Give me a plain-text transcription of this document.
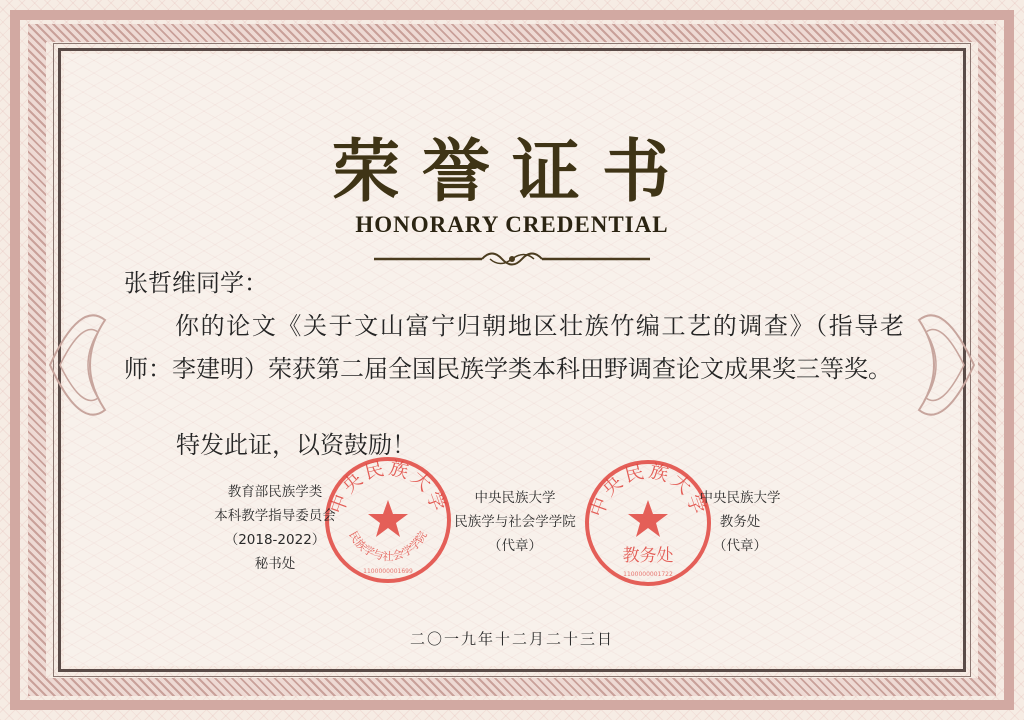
荣誉证书
HONORARY CREDENTIAL
张哲维同学：
你的论文《关于文山富宁归朝地区壮族竹编工艺的调查》（指导老师：李建明）荣获第二届全国民族学类本科田野调查论文成果奖三等奖。
特发此证，以资鼓励！
中央民族大学
民族学与社会学学院
1100000001699
中央民族大学
教务处
1100000001722
教育部民族学类
本科教学指导委员会
（2018-2022）
秘书处
中央民族大学
民族学与社会学学院
（代章）
中央民族大学
教务处
（代章）
二〇一九年十二月二十三日
